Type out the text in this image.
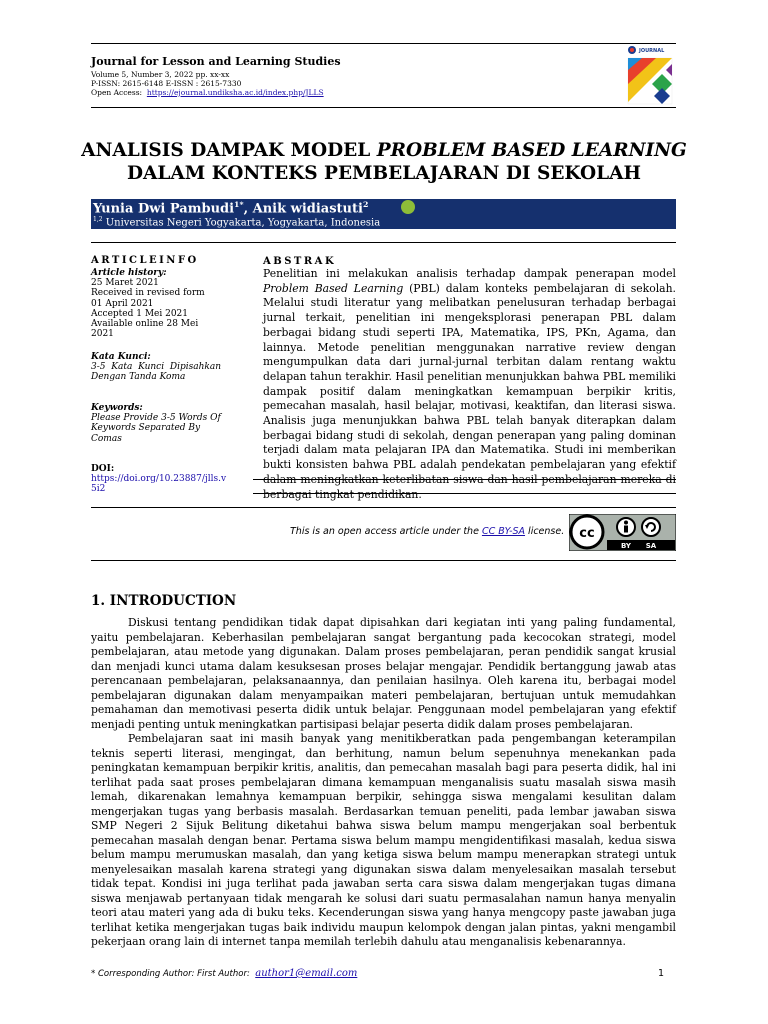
Journal for Lesson and Learning Studies
Volume 5, Number 3, 2022 pp. xx-xx
P-ISSN: 2615-6148 E-ISSN : 2615-7330
Open Access: https://ejournal.undiksha.ac.id/index.php/JLLS
JOURNAL
ANALISIS DAMPAK MODEL PROBLEM BASED LEARNING
DALAM KONTEKS PEMBELAJARAN DI SEKOLAH
Yunia Dwi Pambudi$^{1*}$, Anik widiastuti$^2$
$^{1,2}$ Universitas Negeri Yogyakarta, Yogyakarta, Indonesia
ARTICLEINFO
Article history:
25 Maret 2021
Received in revised form
01 April 2021
Accepted 1 Mei 2021
Available online 28 Mei 2021
Kata Kunci:
3-5 Kata Kunci Dipisahkan Dengan Tanda Koma
Keywords:
Please Provide 3-5 Words Of Keywords Separated By Comas
DOI:
https://doi.org/10.23887/jlls.v
5i2
ABSTRAK
Penelitian ini melakukan analisis terhadap dampak penerapan model Problem Based Learning (PBL) dalam konteks pembelajaran di sekolah. Melalui studi literatur yang melibatkan penelusuran terhadap berbagai jurnal terkait, penelitian ini mengeksplorasi penerapan PBL dalam berbagai bidang studi seperti IPA, Matematika, IPS, PKn, Agama, dan lainnya. Metode penelitian menggunakan narrative review dengan mengumpulkan data dari jurnal-jurnal terbitan dalam rentang waktu delapan tahun terakhir. Hasil penelitian menunjukkan bahwa PBL memiliki dampak positif dalam meningkatkan kemampuan berpikir kritis, pemecahan masalah, hasil belajar, motivasi, keaktifan, dan literasi siswa. Analisis juga menunjukkan bahwa PBL telah banyak diterapkan dalam berbagai bidang studi di sekolah, dengan penerapan yang paling dominan terjadi dalam mata pelajaran IPA dan Matematika. Studi ini memberikan bukti konsisten bahwa PBL adalah pendekatan pembelajaran yang efektif dalam meningkatkan keterlibatan siswa dan hasil pembelajaran mereka di berbagai tingkat pendidikan.
This is an open access article under the CC BY-SA license. cc
BY SA
1. INTRODUCTION

Diskusi tentang pendidikan tidak dapat dipisahkan dari kegiatan inti yang paling fundamental, yaitu pembelajaran. Keberhasilan pembelajaran sangat bergantung pada kecocokan strategi, model pembelajaran, atau metode yang digunakan. Dalam proses pembelajaran, peran pendidik sangat krusial dan menjadi kunci utama dalam kesuksesan proses belajar mengajar. Pendidik bertanggung jawab atas perencanaan pembelajaran, pelaksanaannya, dan penilaian hasilnya. Oleh karena itu, berbagai model pembelajaran digunakan dalam menyampaikan materi pembelajaran, bertujuan untuk memudahkan pemahaman dan memotivasi peserta didik untuk belajar. Penggunaan model pembelajaran yang efektif menjadi penting untuk meningkatkan partisipasi belajar peserta didik dalam proses pembelajaran.

Pembelajaran saat ini masih banyak yang menitikberatkan pada pengembangan keterampilan teknis seperti literasi, mengingat, dan berhitung, namun belum sepenuhnya menekankan pada peningkatan kemampuan berpikir kritis, analitis, dan pemecahan masalah bagi para peserta didik, hal ini terlihat pada saat proses pembelajaran dimana kemampuan menganalisis suatu masalah siswa masih lemah, dikarenakan lemahnya kemampuan berpikir, sehingga siswa mengalami kesulitan dalam mengerjakan tugas yang berbasis masalah. Berdasarkan temuan peneliti, pada lembar jawaban siswa SMP Negeri 2 Sijuk Belitung diketahui bahwa siswa belum mampu mengerjakan soal berbentuk pemecahan masalah dengan benar. Pertama siswa belum mampu mengidentifikasi masalah, kedua siswa belum mampu merumuskan masalah, dan yang ketiga siswa belum mampu menerapkan strategi untuk menyelesaikan masalah karena strategi yang digunakan siswa dalam menyelesaikan masalah tersebut tidak tepat. Kondisi ini juga terlihat pada jawaban serta cara siswa dalam mengerjakan tugas dimana siswa menjawab pertanyaan tidak mengarah ke solusi dari suatu permasalahan namun hanya menyalin teori atau materi yang ada di buku teks. Kecenderungan siswa yang hanya mengcopy paste jawaban juga terlihat ketika mengerjakan tugas baik individu maupun kelompok dengan jalan pintas, yakni mengambil pekerjaan orang lain di internet tanpa memilah terlebih dahulu atau menganalisis kebenarannya.

* Corresponding Author: First Author: author1@email.com	1
